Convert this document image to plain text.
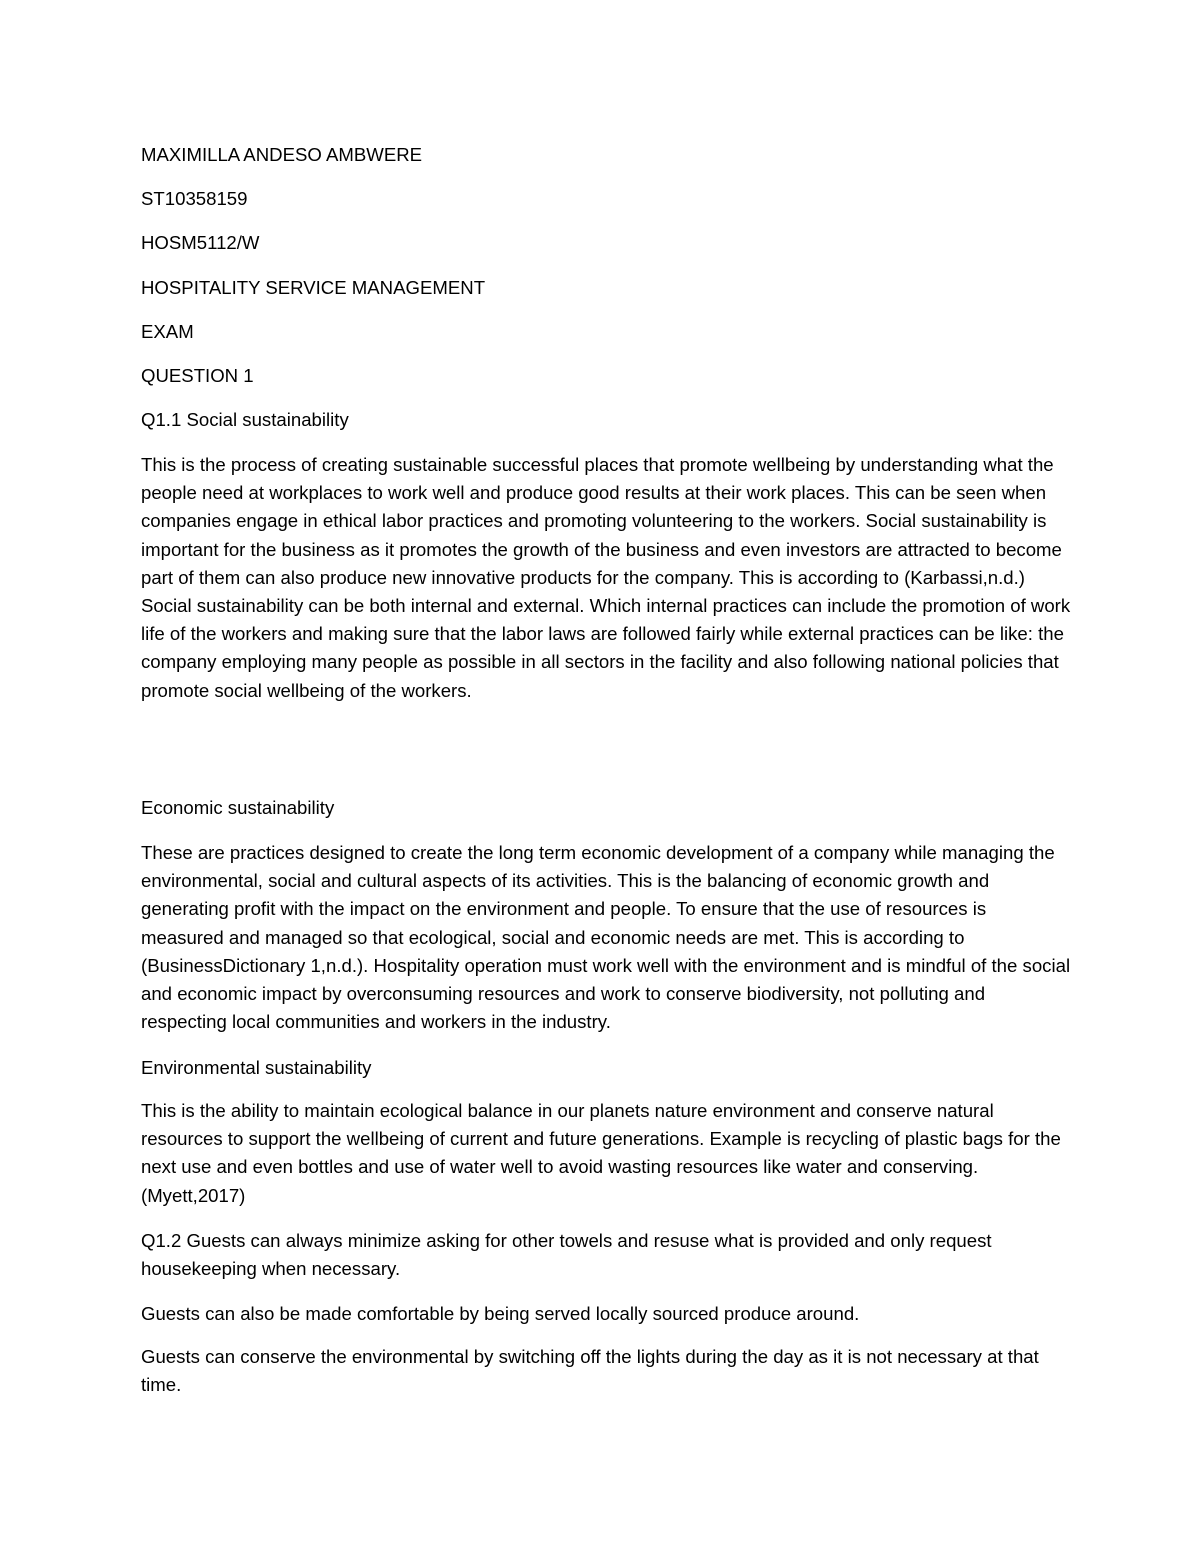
MAXIMILLA ANDESO AMBWERE

ST10358159

HOSM5112/W

HOSPITALITY SERVICE MANAGEMENT

EXAM

QUESTION 1

Q1.1 Social sustainability

This is the process of creating sustainable successful places that promote wellbeing by understanding what the people need at workplaces to work well and produce good results at their work places. This can be seen when companies engage in ethical labor practices and promoting volunteering to the workers. Social sustainability is important for the business as it promotes the growth of the business and even investors are attracted to become part of them can also produce new innovative products for the company. This is according to (Karbassi,n.d.) Social sustainability can be both internal and external. Which internal practices can include the promotion of work life of the workers and making sure that the labor laws are followed fairly while external practices can be like: the company employing many people as possible in all sectors in the facility and also following national policies that promote social wellbeing of the workers.

Economic sustainability

These are practices designed to create the long term economic development of a company while managing the environmental, social and cultural aspects of its activities. This is the balancing of economic growth and generating profit with the impact on the environment and people. To ensure that the use of resources is measured and managed so that ecological, social and economic needs are met. This is according to (BusinessDictionary 1,n.d.). Hospitality operation must work well with the environment and is mindful of the social and economic impact by overconsuming resources and work to conserve biodiversity, not polluting and respecting local communities and workers in the industry.

Environmental sustainability

This is the ability to maintain ecological balance in our planets nature environment and conserve natural resources to support the wellbeing of current and future generations. Example is recycling of plastic bags for the next use and even bottles and use of water well to avoid wasting resources like water and conserving.(Myett,2017)

Q1.2 Guests can always minimize asking for other towels and resuse what is provided and only request housekeeping when necessary.

Guests can also be made comfortable by being served locally sourced produce around.

Guests can conserve the environmental by switching off the lights during the day as it is not necessary at that time.
